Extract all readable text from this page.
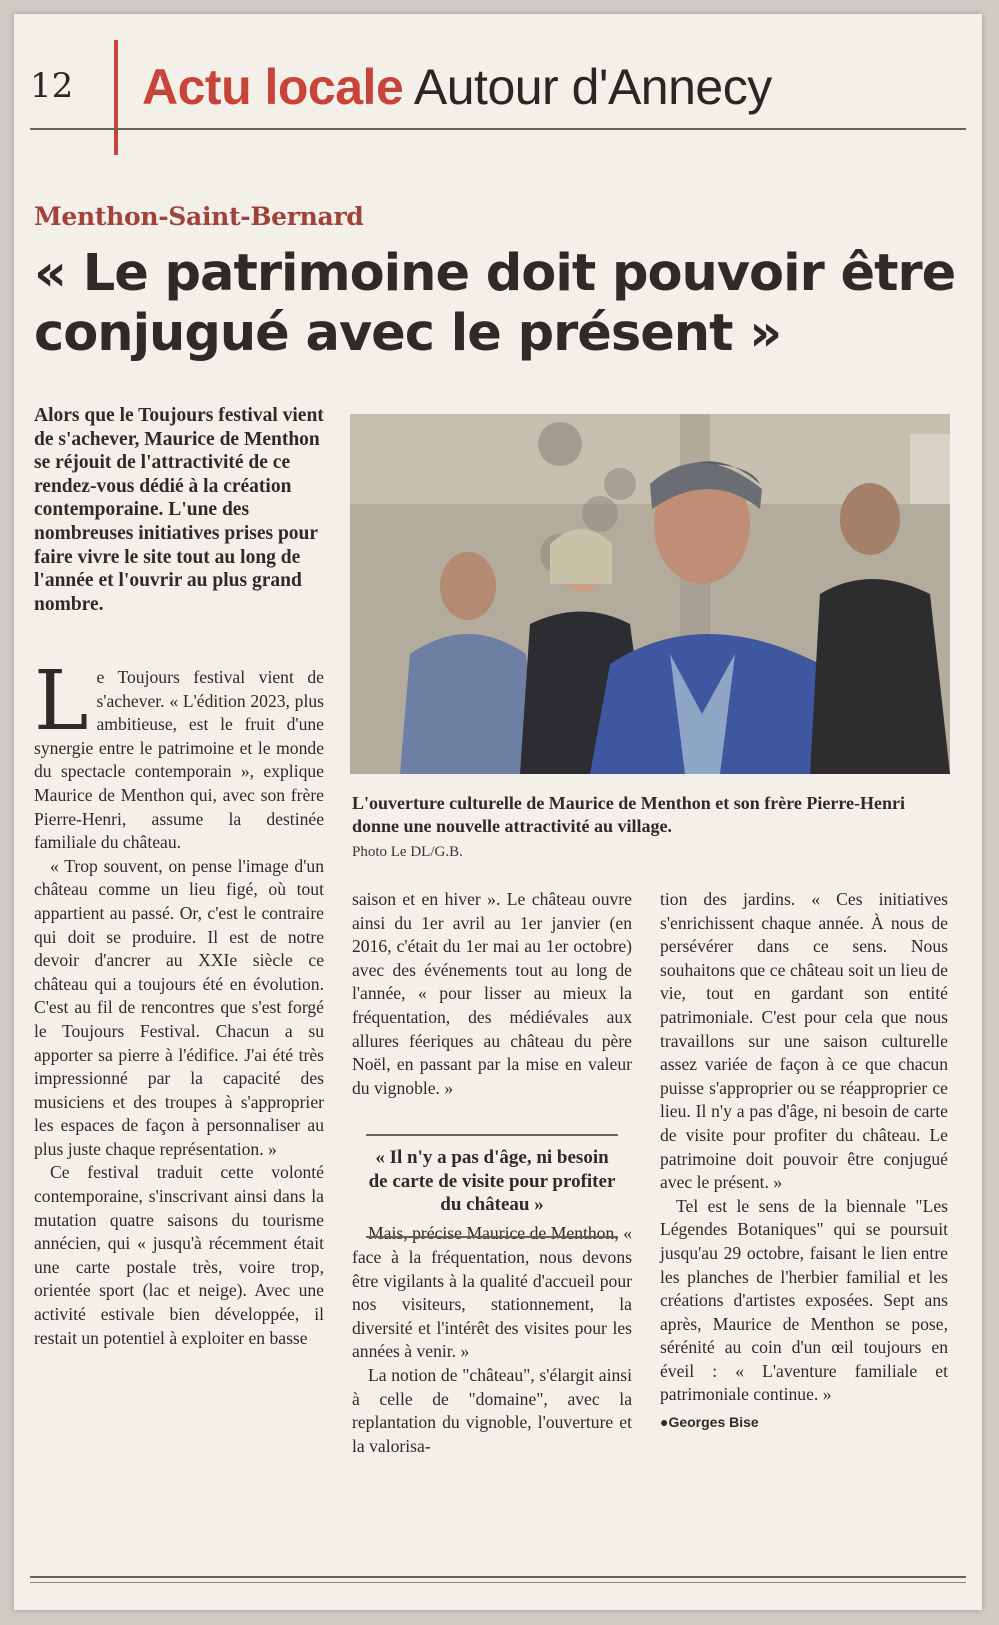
12 Actu locale Autour d'Annecy
Menthon-Saint-Bernard
« Le patrimoine doit pouvoir être conjugué avec le présent »
Alors que le Toujours festival vient de s'achever, Maurice de Menthon se réjouit de l'attractivité de ce rendez-vous dédié à la création contemporaine. L'une des nombreuses initiatives prises pour faire vivre le site tout au long de l'année et l'ouvrir au plus grand nombre.
L'ouverture culturelle de Maurice de Menthon et son frère Pierre-Henri donne une nouvelle attractivité au village.
Photo Le DL/G.B.

Le Toujours festival vient de s'achever. « L'édition 2023, plus ambitieuse, est le fruit d'une synergie entre le patrimoine et le monde du spectacle contemporain », explique Maurice de Menthon qui, avec son frère Pierre-Henri, assume la destinée familiale du château.

« Trop souvent, on pense l'image d'un château comme un lieu figé, où tout appartient au passé. Or, c'est le contraire qui doit se produire. Il est de notre devoir d'ancrer au XXIe siècle ce château qui a toujours été en évolution. C'est au fil de rencontres que s'est forgé le Toujours Festival. Chacun a su apporter sa pierre à l'édifice. J'ai été très impressionné par la capacité des musiciens et des troupes à s'approprier les espaces de façon à personnaliser au plus juste chaque représentation. »

Ce festival traduit cette volonté contemporaine, s'inscrivant ainsi dans la mutation quatre saisons du tourisme annécien, qui « jusqu'à récemment était une carte postale très, voire trop, orientée sport (lac et neige). Avec une activité estivale bien développée, il restait un potentiel à exploiter en basse

saison et en hiver ». Le château ouvre ainsi du 1er avril au 1er janvier (en 2016, c'était du 1er mai au 1er octobre) avec des événements tout au long de l'année, « pour lisser au mieux la fréquentation, des médiévales aux allures féeriques au château du père Noël, en passant par la mise en valeur du vignoble. »

Mais, précise Maurice de Menthon, « face à la fréquentation, nous devons être vigilants à la qualité d'accueil pour nos visiteurs, stationnement, la diversité et l'intérêt des visites pour les années à venir. »

La notion de "château", s'élargit ainsi à celle de "domaine", avec la replantation du vignoble, l'ouverture et la valorisa-

« Il n'y a pas d'âge, ni besoin de carte de visite pour profiter du château »

tion des jardins. « Ces initiatives s'enrichissent chaque année. À nous de persévérer dans ce sens. Nous souhaitons que ce château soit un lieu de vie, tout en gardant son entité patrimoniale. C'est pour cela que nous travaillons sur une saison culturelle assez variée de façon à ce que chacun puisse s'approprier ou se réapproprier ce lieu. Il n'y a pas d'âge, ni besoin de carte de visite pour profiter du château. Le patrimoine doit pouvoir être conjugué avec le présent. »

Tel est le sens de la biennale "Les Légendes Botaniques" qui se poursuit jusqu'au 29 octobre, faisant le lien entre les planches de l'herbier familial et les créations d'artistes exposées. Sept ans après, Maurice de Menthon se pose, sérénité au coin d'un œil toujours en éveil : « L'aventure familiale et patrimoniale continue. »

●Georges Bise
